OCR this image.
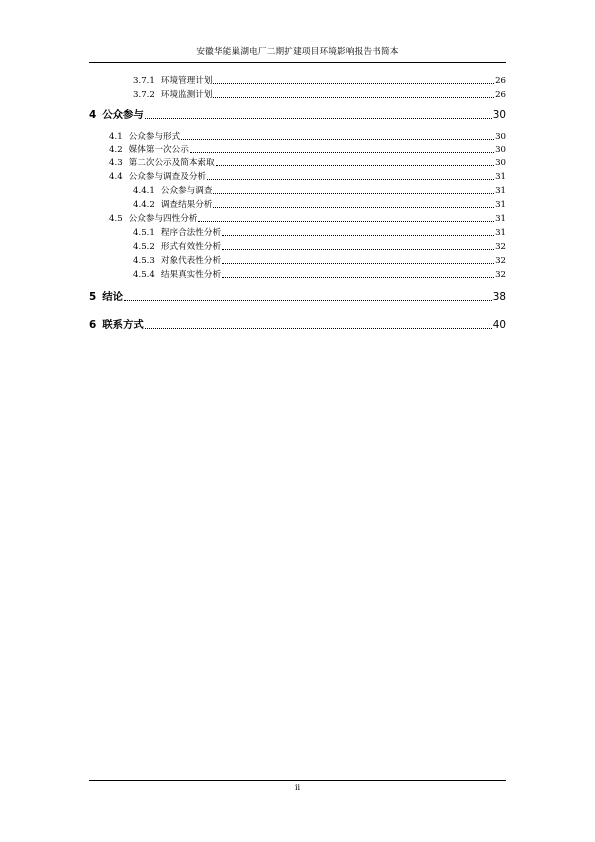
安徽华能巢湖电厂二期扩建项目环境影响报告书简本
3.7.1 环境管理计划	26
3.7.2 环境监测计划	26
4 公众参与	30
4.1 公众参与形式	30
4.2 媒体第一次公示	30
4.3 第二次公示及简本索取	30
4.4 公众参与调查及分析	31
4.4.1 公众参与调查	31
4.4.2 调查结果分析	31
4.5 公众参与四性分析	31
4.5.1 程序合法性分析	31
4.5.2 形式有效性分析	32
4.5.3 对象代表性分析	32
4.5.4 结果真实性分析	32
5 结论	38
6 联系方式	40
ii
